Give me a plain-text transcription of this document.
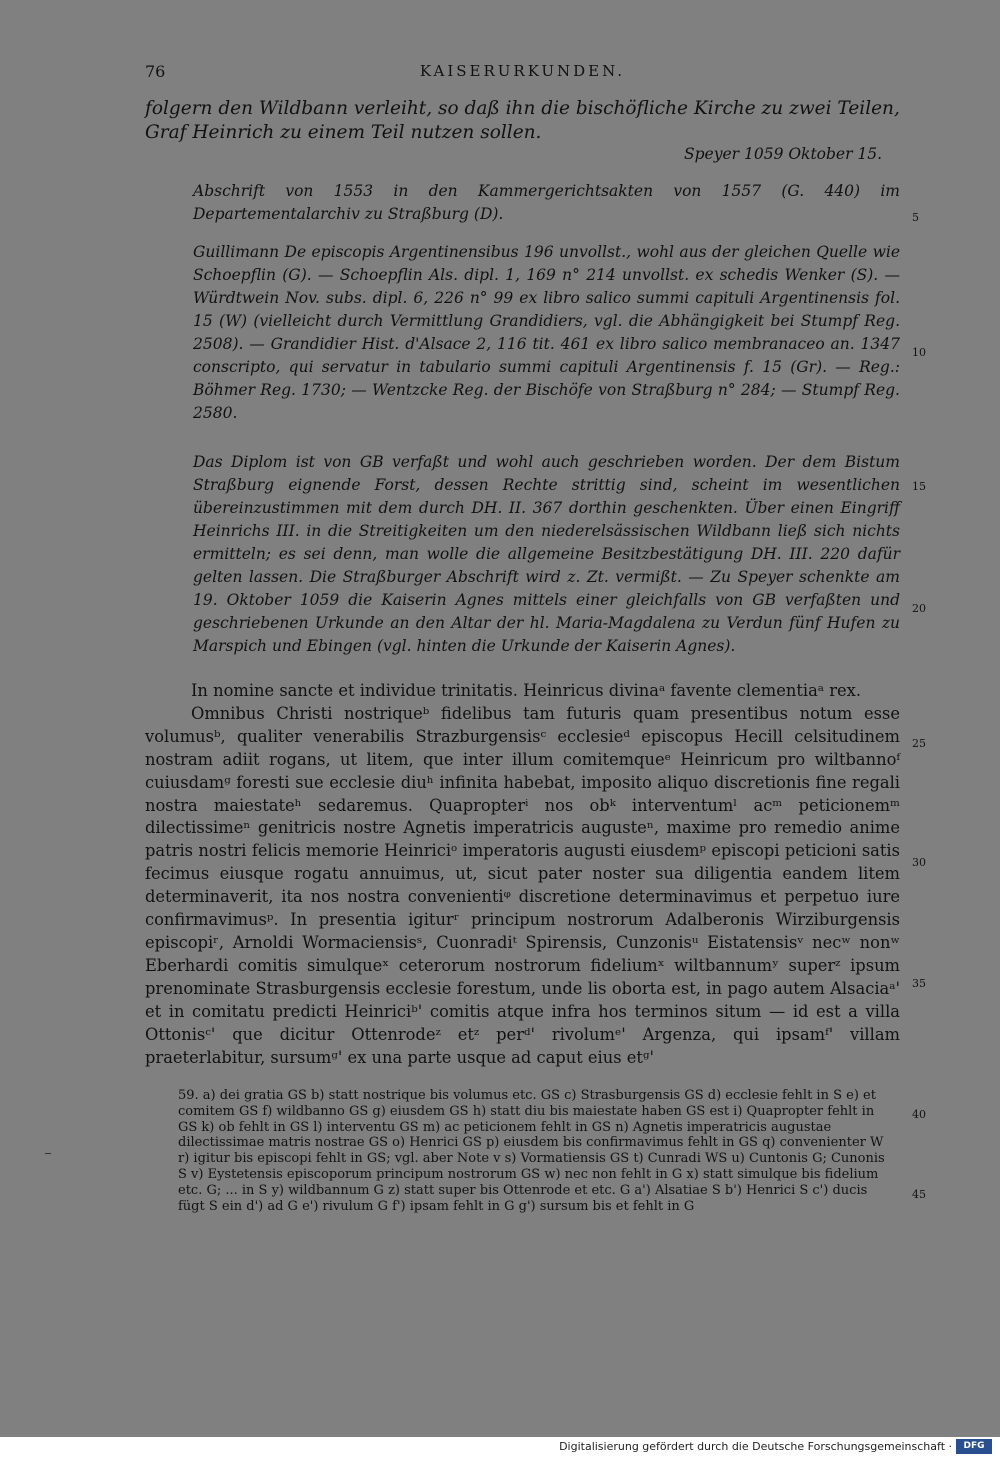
76	KAISERURKUNDEN.

folgern den Wildbann verleiht, so daß ihn die bischöfliche Kirche zu zwei Teilen, Graf Heinrich zu einem Teil nutzen sollen.

Speyer 1059 Oktober 15.

Abschrift von 1553 in den Kammergerichtsakten von 1557 (G. 440) im Departementalarchiv zu Straßburg (D).

Guillimann De episcopis Argentinensibus 196 unvollst., wohl aus der gleichen Quelle wie Schoepflin (G). — Schoepflin Als. dipl. 1, 169 n° 214 unvollst. ex schedis Wenker (S). — Würdtwein Nov. subs. dipl. 6, 226 n° 99 ex libro salico summi capituli Argentinensis fol. 15 (W) (vielleicht durch Vermittlung Grandidiers, vgl. die Abhängigkeit bei Stumpf Reg. 2508). — Grandidier Hist. d'Alsace 2, 116 tit. 461 ex libro salico membranaceo an. 1347 conscripto, qui servatur in tabulario summi capituli Argentinensis f. 15 (Gr). — Reg.: Böhmer Reg. 1730; — Wentzcke Reg. der Bischöfe von Straßburg n° 284; — Stumpf Reg. 2580.

Das Diplom ist von GB verfaßt und wohl auch geschrieben worden. Der dem Bistum Straßburg eignende Forst, dessen Rechte strittig sind, scheint im wesentlichen übereinzustimmen mit dem durch DH. II. 367 dorthin geschenkten. Über einen Eingriff Heinrichs III. in die Streitigkeiten um den niederelsässischen Wildbann ließ sich nichts ermitteln; es sei denn, man wolle die allgemeine Besitzbestätigung DH. III. 220 dafür gelten lassen. Die Straßburger Abschrift wird z. Zt. vermißt. — Zu Speyer schenkte am 19. Oktober 1059 die Kaiserin Agnes mittels einer gleichfalls von GB verfaßten und geschriebenen Urkunde an den Altar der hl. Maria-Magdalena zu Verdun fünf Hufen zu Marspich und Ebingen (vgl. hinten die Urkunde der Kaiserin Agnes).

In nomine sancte et individue trinitatis. Heinricus divinaᵃ favente clementiaᵃ rex.

Omnibus Christi nostriqueᵇ fidelibus tam futuris quam presentibus notum esse volumusᵇ, qualiter venerabilis Strazburgensisᶜ ecclesieᵈ episcopus Hecill celsitudinem nostram adiit rogans, ut litem, que inter illum comitemqueᵉ Heinricum pro wiltbannoᶠ cuiusdamᵍ foresti sue ecclesie diuʰ infinita habebat, imposito aliquo discretionis fine regali nostra maiestateʰ sedaremus. Quapropterⁱ nos obᵏ interventumˡ acᵐ peticionemᵐ dilectissimeⁿ genitricis nostre Agnetis imperatricis augusteⁿ, maxime pro remedio anime patris nostri felicis memorie Heinriciᵒ imperatoris augusti eiusdemᵖ episcopi peticioni satis fecimus eiusque rogatu annuimus, ut, sicut pater noster sua diligentia eandem litem determinaverit, ita nos nostra convenientiᵠ discretione determinavimus et perpetuo iure confirmavimusᵖ. In presentia igiturʳ principum nostrorum Adalberonis Wirziburgensis episcopiʳ, Arnoldi Wormaciensisˢ, Cuonradiᵗ Spirensis, Cunzonisᵘ Eistatensisᵛ necʷ nonʷ Eberhardi comitis simulqueˣ ceterorum nostrorum fideliumˣ wiltbannumʸ superᶻ ipsum prenominate Strasburgensis ecclesie forestum, unde lis oborta est, in pago autem Alsaciaᵃ' et in comitatu predicti Heinriciᵇ' comitis atque infra hos terminos situm — id est a villa Ottonisᶜ' que dicitur Ottenrodeᶻ etᶻ perᵈ' rivolumᵉ' Argenza, qui ipsamᶠ' villam praeterlabitur, sursumᵍ' ex una parte usque ad caput eius etᵍ'

59. a) dei gratia GS b) statt nostrique bis volumus etc. GS c) Strasburgensis GS d) ecclesie fehlt in S e) et comitem GS f) wildbanno GS g) eiusdem GS h) statt diu bis maiestate haben GS est i) Quapropter fehlt in GS k) ob fehlt in GS l) interventu GS m) ac peticionem fehlt in GS n) Agnetis imperatricis augustae dilectissimae matris nostrae GS o) Henrici GS p) eiusdem bis confirmavimus fehlt in GS q) convenienter W r) igitur bis episcopi fehlt in GS; vgl. aber Note v s) Vormatiensis GS t) Cunradi WS u) Cuntonis G; Cunonis S v) Eystetensis episcoporum principum nostrorum GS w) nec non fehlt in G x) statt simulque bis fidelium etc. G; ... in S y) wildbannum G z) statt super bis Ottenrode et etc. G a') Alsatiae S b') Henrici S c') ducis fügt S ein d') ad G e') rivulum G f') ipsam fehlt in G g') sursum bis et fehlt in G

5
10
15
20
25
30
35
40
45
Digitalisierung gefördert durch die Deutsche Forschungsgemeinschaft ·	DFG
